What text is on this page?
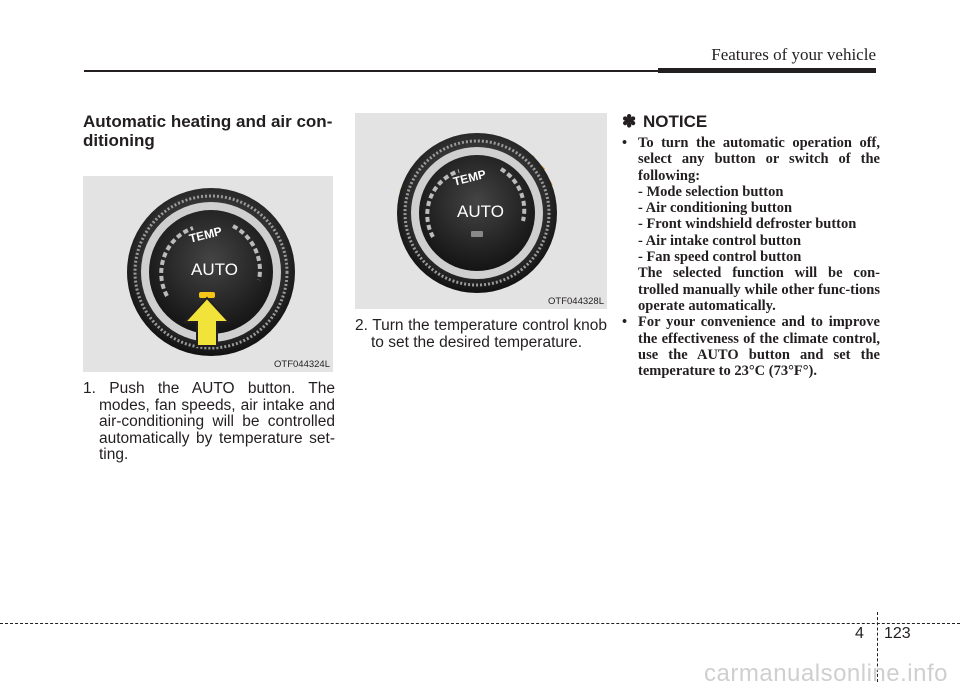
Features of your vehicle
Automatic heating and air con-
ditioning
TEMP
AUTO
OTF044324L

1. Push the AUTO button. The modes, fan speeds, air intake and air-conditioning will be controlled automatically by temperature set-ting.

TEMP
AUTO
OTF044328L

2. Turn the temperature control knob to set the desired temperature.

✽ NOTICE
• To turn the automatic operation off, select any button or switch of the following:
- Mode selection button
- Air conditioning button
- Front windshield defroster button
- Air intake control button
- Fan speed control button
The selected function will be con-trolled manually while other func-tions operate automatically.
• For your convenience and to improve the effectiveness of the climate control, use the AUTO button and set the temperature to 23°C (73°F°).
4 123
carmanualsonline.info
